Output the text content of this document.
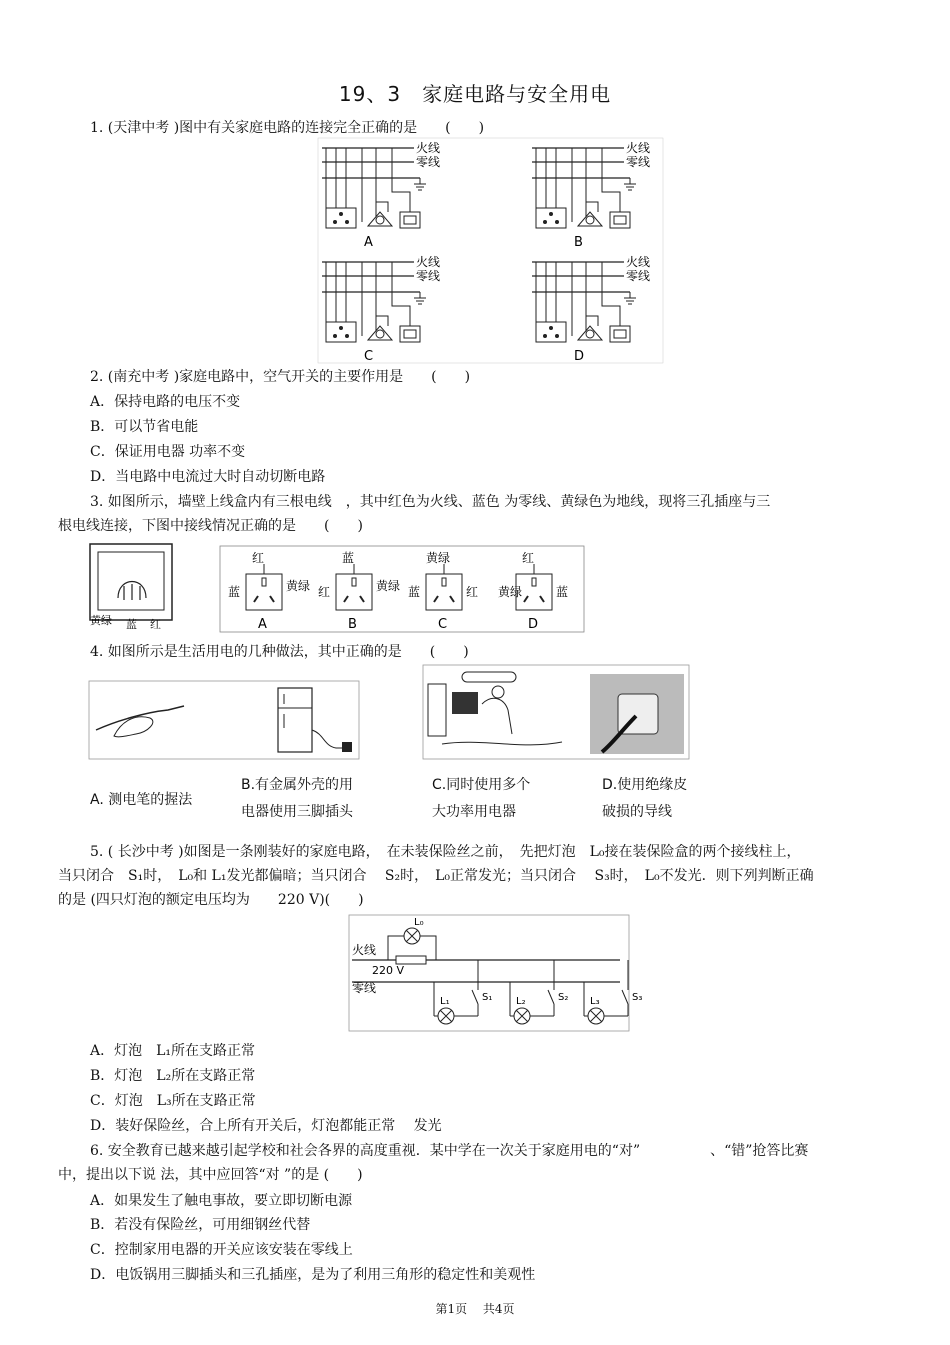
19、3　家庭电路与安全用电
1. (天津中考 )图中有关家庭电路的连接完全正确的是　　(　　)
火线
零线
A
火线
零线
B
火线
零线
C
火线
零线
D
2. (南充中考 )家庭电路中，空气开关的主要作用是　　(　　)
A．保持电路的电压不变
B．可以节省电能
C．保证用电器 功率不变
D．当电路中电流过大时自动切断电路
3. 如图所示，墙壁上线盒内有三根电线　，其中红色为火线、蓝色 为零线、黄绿色为地线，现将三孔插座与三
根电线连接，下图中接线情况正确的是　　(　　)
黄绿 蓝 红
红
蓝	黄绿
A
蓝
红	黄绿
B
黄绿
蓝	红
C
红
黄绿	蓝
D
4. 如图所示是生活用电的几种做法，其中正确的是　　(　　)
A. 测电笔的握法
B.有金属外壳的用
电器使用三脚插头
C.同时使用多个
大功率用电器
D.使用绝缘皮
破损的导线
5. ( 长沙中考 )如图是一条刚装好的家庭电路，　在未装保险丝之前，　先把灯泡　L₀接在装保险盒的两个接线柱上，
当只闭合　S₁时，　L₀和 L₁发光都偏暗；当只闭合　 S₂时，　L₀正常发光；当只闭合　 S₃时，　L₀不发光．则下列判断正确
的是 (四只灯泡的额定电压均为　　220 V)(　　)
火线
零线
220 V
L₀
L₁	S₁ L₂	S₂ L₃	S₃
A．灯泡　L₁所在支路正常
B．灯泡　L₂所在支路正常
C．灯泡　L₃所在支路正常
D．装好保险丝，合上所有开关后，灯泡都能正常　 发光
6. 安全教育已越来越引起学校和社会各界的高度重视．某中学在一次关于家庭用电的“对”　　　　　、“错”抢答比赛
中，提出以下说 法，其中应回答“对 ”的是 (　　)
A．如果发生了触电事故，要立即切断电源
B．若没有保险丝，可用细钢丝代替
C．控制家用电器的开关应该安装在零线上
D．电饭锅用三脚插头和三孔插座，是为了利用三角形的稳定性和美观性
第1页 共4页
